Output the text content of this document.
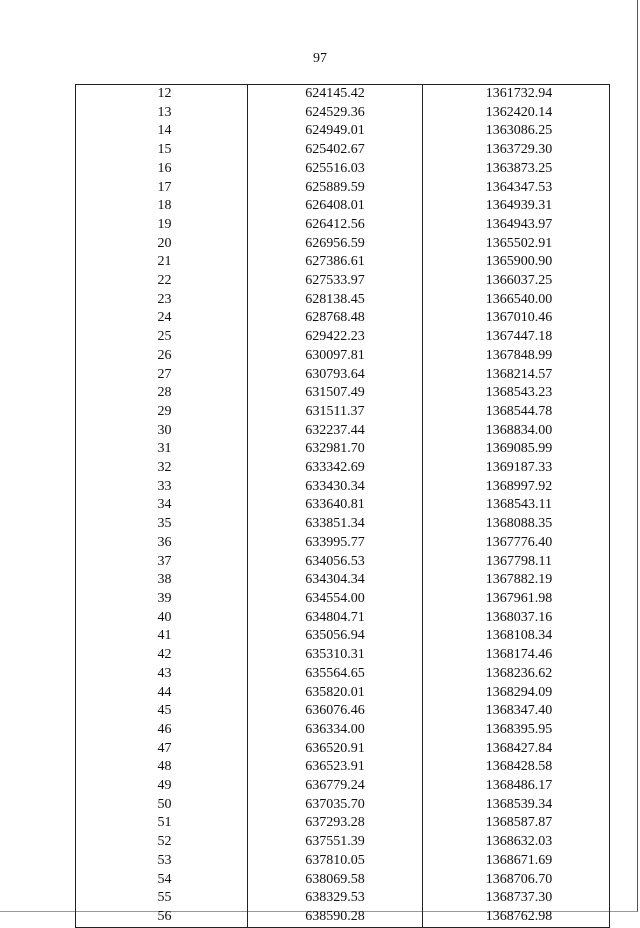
97
12	624145.42	1361732.94
13	624529.36	1362420.14
14	624949.01	1363086.25
15	625402.67	1363729.30
16	625516.03	1363873.25
17	625889.59	1364347.53
18	626408.01	1364939.31
19	626412.56	1364943.97
20	626956.59	1365502.91
21	627386.61	1365900.90
22	627533.97	1366037.25
23	628138.45	1366540.00
24	628768.48	1367010.46
25	629422.23	1367447.18
26	630097.81	1367848.99
27	630793.64	1368214.57
28	631507.49	1368543.23
29	631511.37	1368544.78
30	632237.44	1368834.00
31	632981.70	1369085.99
32	633342.69	1369187.33
33	633430.34	1368997.92
34	633640.81	1368543.11
35	633851.34	1368088.35
36	633995.77	1367776.40
37	634056.53	1367798.11
38	634304.34	1367882.19
39	634554.00	1367961.98
40	634804.71	1368037.16
41	635056.94	1368108.34
42	635310.31	1368174.46
43	635564.65	1368236.62
44	635820.01	1368294.09
45	636076.46	1368347.40
46	636334.00	1368395.95
47	636520.91	1368427.84
48	636523.91	1368428.58
49	636779.24	1368486.17
50	637035.70	1368539.34
51	637293.28	1368587.87
52	637551.39	1368632.03
53	637810.05	1368671.69
54	638069.58	1368706.70
55	638329.53	1368737.30
56	638590.28	1368762.98
